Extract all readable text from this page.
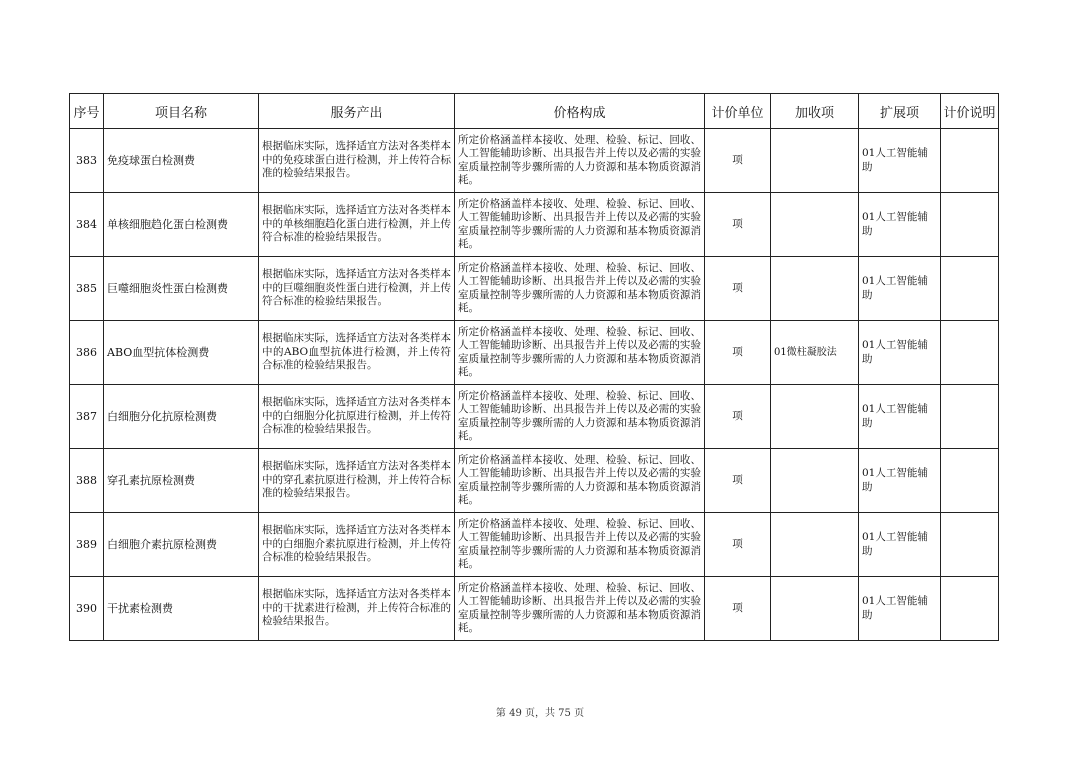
序号	项目名称	服务产出	价格构成	计价单位	加收项	扩展项	计价说明
383	免疫球蛋白检测费	根据临床实际，选择适宜方法对各类样本中的免疫球蛋白进行检测，并上传符合标准的检验结果报告。	所定价格涵盖样本接收、处理、检验、标记、回收、人工智能辅助诊断、出具报告并上传以及必需的实验室质量控制等步骤所需的人力资源和基本物质资源消耗。	项		01人工智能辅助	
384	单核细胞趋化蛋白检测费	根据临床实际，选择适宜方法对各类样本中的单核细胞趋化蛋白进行检测，并上传符合标准的检验结果报告。	所定价格涵盖样本接收、处理、检验、标记、回收、人工智能辅助诊断、出具报告并上传以及必需的实验室质量控制等步骤所需的人力资源和基本物质资源消耗。	项		01人工智能辅助	
385	巨噬细胞炎性蛋白检测费	根据临床实际，选择适宜方法对各类样本中的巨噬细胞炎性蛋白进行检测，并上传符合标准的检验结果报告。	所定价格涵盖样本接收、处理、检验、标记、回收、人工智能辅助诊断、出具报告并上传以及必需的实验室质量控制等步骤所需的人力资源和基本物质资源消耗。	项		01人工智能辅助	
386	ABO血型抗体检测费	根据临床实际，选择适宜方法对各类样本中的ABO血型抗体进行检测，并上传符合标准的检验结果报告。	所定价格涵盖样本接收、处理、检验、标记、回收、人工智能辅助诊断、出具报告并上传以及必需的实验室质量控制等步骤所需的人力资源和基本物质资源消耗。	项	01微柱凝胶法	01人工智能辅助	
387	白细胞分化抗原检测费	根据临床实际，选择适宜方法对各类样本中的白细胞分化抗原进行检测，并上传符合标准的检验结果报告。	所定价格涵盖样本接收、处理、检验、标记、回收、人工智能辅助诊断、出具报告并上传以及必需的实验室质量控制等步骤所需的人力资源和基本物质资源消耗。	项		01人工智能辅助	
388	穿孔素抗原检测费	根据临床实际，选择适宜方法对各类样本中的穿孔素抗原进行检测，并上传符合标准的检验结果报告。	所定价格涵盖样本接收、处理、检验、标记、回收、人工智能辅助诊断、出具报告并上传以及必需的实验室质量控制等步骤所需的人力资源和基本物质资源消耗。	项		01人工智能辅助	
389	白细胞介素抗原检测费	根据临床实际，选择适宜方法对各类样本中的白细胞介素抗原进行检测，并上传符合标准的检验结果报告。	所定价格涵盖样本接收、处理、检验、标记、回收、人工智能辅助诊断、出具报告并上传以及必需的实验室质量控制等步骤所需的人力资源和基本物质资源消耗。	项		01人工智能辅助	
390	干扰素检测费	根据临床实际，选择适宜方法对各类样本中的干扰素进行检测，并上传符合标准的检验结果报告。	所定价格涵盖样本接收、处理、检验、标记、回收、人工智能辅助诊断、出具报告并上传以及必需的实验室质量控制等步骤所需的人力资源和基本物质资源消耗。	项		01人工智能辅助	
第 49 页，共 75 页
